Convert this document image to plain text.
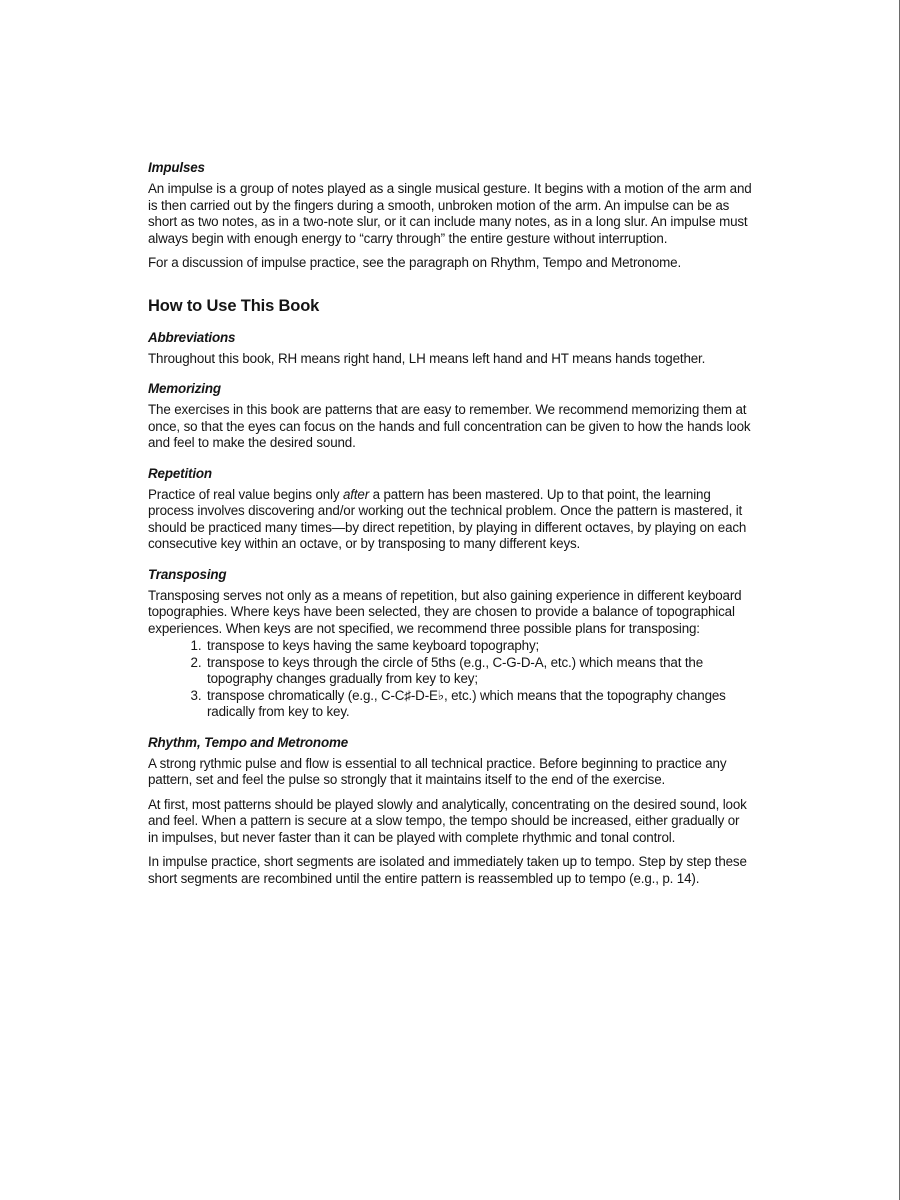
Impulses

An impulse is a group of notes played as a single musical gesture. It begins with a motion of the arm and is then carried out by the fingers during a smooth, unbroken motion of the arm. An impulse can be as short as two notes, as in a two-note slur, or it can include many notes, as in a long slur. An impulse must always begin with enough energy to “carry through” the entire gesture without interruption.

For a discussion of impulse practice, see the paragraph on Rhythm, Tempo and Metronome.

How to Use This Book
Abbreviations

Throughout this book, RH means right hand, LH means left hand and HT means hands together.

Memorizing

The exercises in this book are patterns that are easy to remember. We recommend memorizing them at once, so that the eyes can focus on the hands and full concentration can be given to how the hands look and feel to make the desired sound.

Repetition

Practice of real value begins only after a pattern has been mastered. Up to that point, the learning process involves discovering and/or working out the technical problem. Once the pattern is mastered, it should be practiced many times—by direct repetition, by playing in different octaves, by playing on each consecutive key within an octave, or by transposing to many different keys.

Transposing

Transposing serves not only as a means of repetition, but also gaining experience in different keyboard topographies. Where keys have been selected, they are chosen to provide a balance of topographical experiences. When keys are not specified, we recommend three possible plans for transposing:

1. transpose to keys having the same keyboard topography;
2. transpose to keys through the circle of 5ths (e.g., C-G-D-A, etc.) which means that the topography changes gradually from key to key;
3. transpose chromatically (e.g., C-C♯-D-E♭, etc.) which means that the topography changes radically from key to key.
Rhythm, Tempo and Metronome

A strong rythmic pulse and flow is essential to all technical practice. Before beginning to practice any pattern, set and feel the pulse so strongly that it maintains itself to the end of the exercise.

At first, most patterns should be played slowly and analytically, concentrating on the desired sound, look and feel. When a pattern is secure at a slow tempo, the tempo should be increased, either gradually or in impulses, but never faster than it can be played with complete rhythmic and tonal control.

In impulse practice, short segments are isolated and immediately taken up to tempo. Step by step these short segments are recombined until the entire pattern is reassembled up to tempo (e.g., p. 14).
